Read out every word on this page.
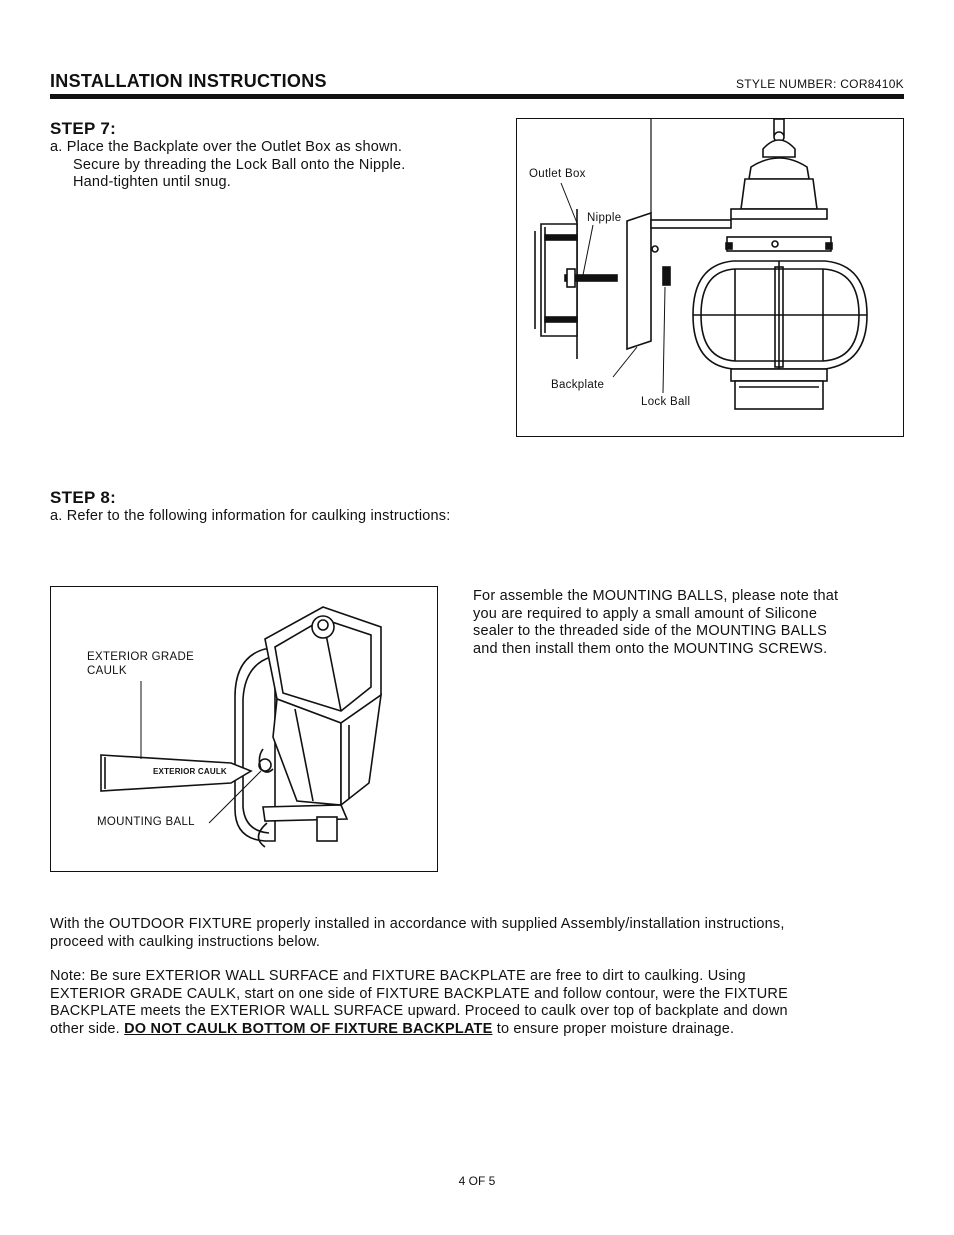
INSTALLATION INSTRUCTIONS	STYLE NUMBER: COR8410K
STEP 7:
a. Place the Backplate over the Outlet Box as shown.
Secure by threading the Lock Ball onto the Nipple.
Hand-tighten until snug.	Outlet Box
Nipple
Backplate
Lock Ball
STEP 8:
a. Refer to the following information for caulking instructions:
EXTERIOR GRADE
CAULK
EXTERIOR CAULK
MOUNTING BALL
For assemble the MOUNTING BALLS, please note that
you are required to apply a small amount of Silicone
sealer to the threaded side of the MOUNTING BALLS
and then install them onto the MOUNTING SCREWS.
With the OUTDOOR FIXTURE properly installed in accordance with supplied Assembly/installation instructions,
proceed with caulking instructions below.
Note: Be sure EXTERIOR WALL SURFACE and FIXTURE BACKPLATE are free to dirt to caulking. Using
EXTERIOR GRADE CAULK, start on one side of FIXTURE BACKPLATE and follow contour, were the FIXTURE
BACKPLATE meets the EXTERIOR WALL SURFACE upward. Proceed to caulk over top of backplate and down
other side. DO NOT CAULK BOTTOM OF FIXTURE BACKPLATE to ensure proper moisture drainage.
4 OF 5
